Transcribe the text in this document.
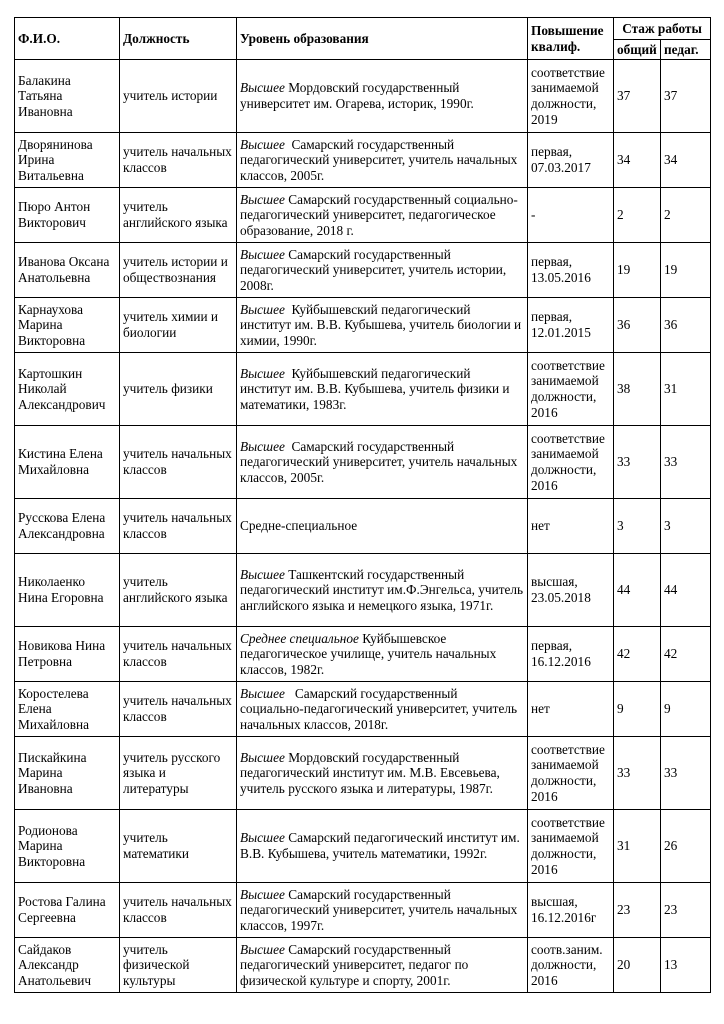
Ф.И.О.	Должность	Уровень образования	Повышение квалиф.	Стаж работы	
				общий	педаг.
Балакина Татьяна Ивановна	учитель истории	Высшее Мордовский государственный университет им. Огарева, историк, 1990г.	соответствие занимаемой должности, 2019	37	37
Дворянинова Ирина Витальевна	учитель начальных классов	Высшее  Самарский государственный педагогический университет, учитель начальных классов, 2005г.	первая, 07.03.2017	34	34
Пюро Антон Викторович	учитель английского языка	Высшее Самарский государственный социально-педагогический университет, педагогическое образование, 2018 г.	-	2	2
Иванова Оксана Анатольевна	учитель истории и обществознания	Высшее Самарский государственный педагогический университет, учитель истории, 2008г.	первая, 13.05.2016	19	19
Карнаухова Марина Викторовна	учитель химии и биологии	Высшее  Куйбышевский педагогический институт им. В.В. Кубышева, учитель биологии и химии, 1990г.	первая, 12.01.2015	36	36
Картошкин Николай Александрович	учитель физики	Высшее  Куйбышевский педагогический институт им. В.В. Кубышева, учитель физики и математики, 1983г.	соответствие занимаемой должности, 2016	38	31
Кистина Елена Михайловна	учитель начальных классов	Высшее  Самарский государственный педагогический университет, учитель начальных классов, 2005г.	соответствие занимаемой должности, 2016	33	33
Русскова Елена Александровна	учитель начальных классов	Средне-специальное	нет	3	3
Николаенко Нина Егоровна	учитель английского языка	Высшее Ташкентский государственный педагогический институт им.Ф.Энгельса, учитель английского языка и немецкого языка, 1971г.	высшая, 23.05.2018	44	44
Новикова Нина Петровна	учитель начальных классов	Среднее специальное Куйбышевское педагогическое училище, учитель начальных классов, 1982г.	первая, 16.12.2016	42	42
Коростелева Елена Михайловна	учитель начальных классов	Высшее   Самарский государственный социально-педагогический университет, учитель начальных классов, 2018г.	нет	9	9
Пискайкина Марина Ивановна	учитель русского языка и литературы	Высшее Мордовский государственный педагогический институт им. М.В. Евсевьева, учитель русского языка и литературы, 1987г.	соответствие занимаемой должности, 2016	33	33
Родионова Марина Викторовна	учитель математики	Высшее Самарский педагогический институт им. В.В. Кубышева, учитель математики, 1992г.	соответствие занимаемой должности, 2016	31	26
Ростова Галина Сергеевна	учитель начальных классов	Высшее Самарский государственный педагогический университет, учитель начальных классов, 1997г.	высшая, 16.12.2016г	23	23
Сайдаков Александр Анатольевич	учитель физической культуры	Высшее Самарский государственный педагогический университет, педагог по физической культуре и спорту, 2001г.	соотв.заним. должности, 2016	20	13
